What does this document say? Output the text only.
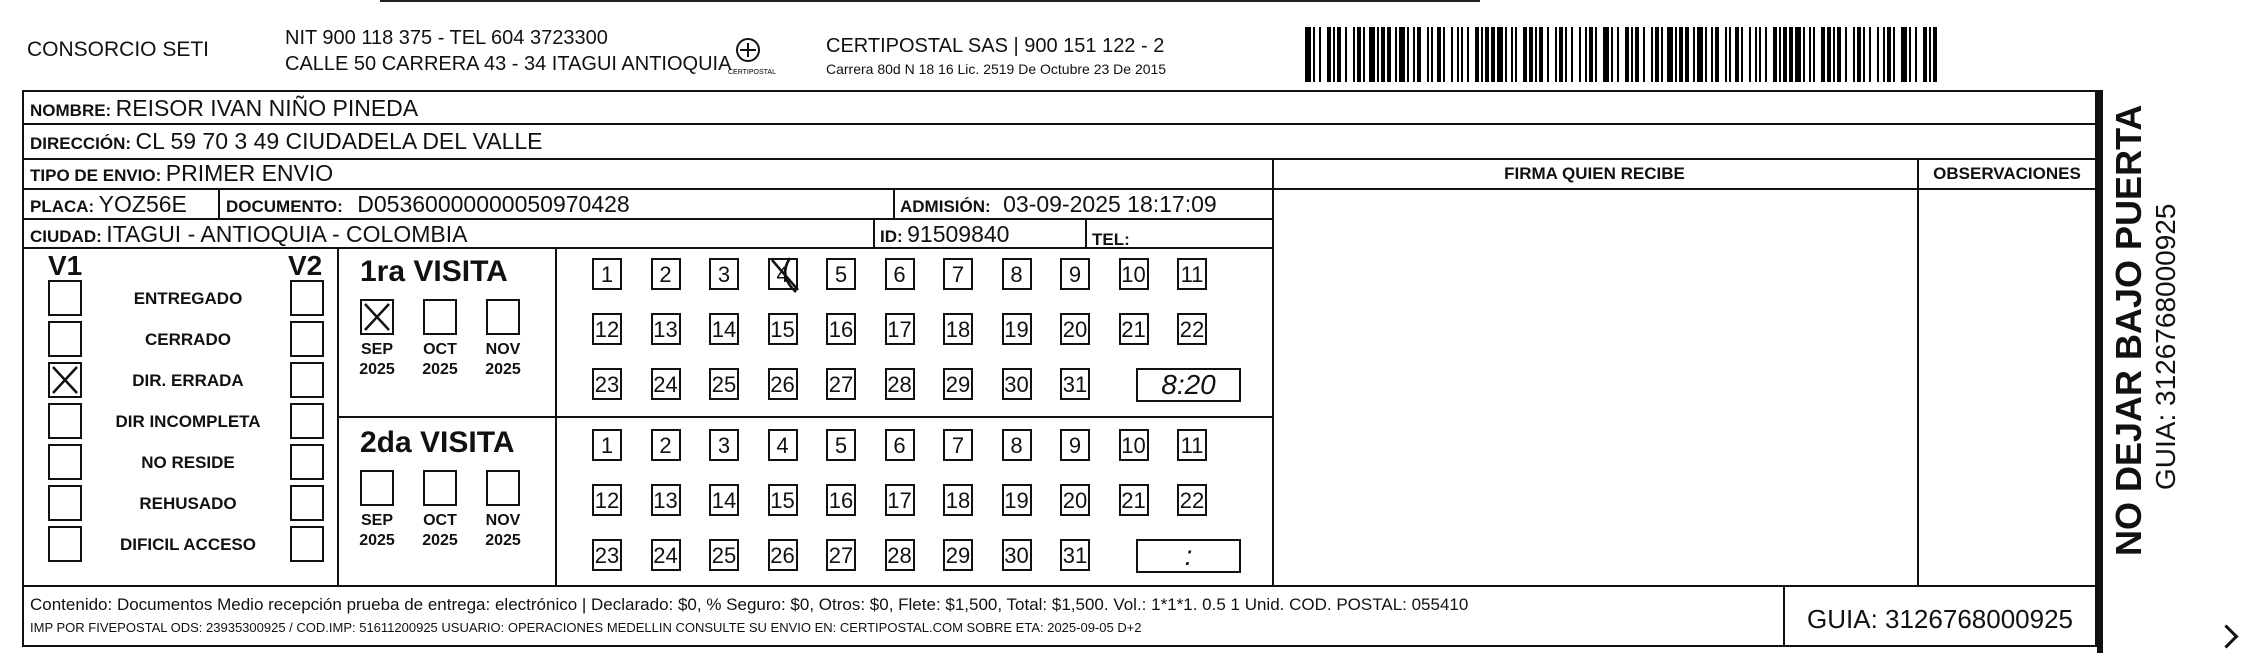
CONSORCIO SETI	NIT 900 118 375 - TEL 604 3723300
CALLE 50 CARRERA 43 - 34 ITAGUI ANTIOQUIA
CERTIPOSTAL
CERTIPOSTAL SAS | 900 151 122 - 2
Carrera 80d N 18 16 Lic. 2519 De Octubre 23 De 2015
NOMBRE: REISOR IVAN NIÑO PINEDA
DIRECCIÓN: CL 59 70 3 49 CIUDADELA DEL VALLE
TIPO DE ENVIO: PRIMER ENVIO
PLACA: YOZ56E DOCUMENTO: D05360000000050970428	ADMISIÓN: 03-09-2025 18:17:09
CIUDAD: ITAGUI - ANTIOQUIA - COLOMBIA	ID: 91509840	TEL:
FIRMA QUIEN RECIBE	OBSERVACIONES
V1	V2
ENTREGADO
CERRADO
DIR. ERRADA
DIR INCOMPLETA
NO RESIDE
REHUSADO
DIFICIL ACCESO
1ra VISITA
2da VISITA
SEP
2025
OCT
2025
NOV
2025
1	2	3	4	5	6	7	8	9	10 11
12 13 14 15 16 17 18 19 20 21 22
23 24 25 26 27 28 29 30 31	8:20
SEP
2025
OCT
2025
NOV
2025
1	2	3	4	5	6	7	8	9	10 11
12 13 14 15 16 17 18 19 20 21 22
23 24 25 26 27 28 29 30 31	:
Contenido: Documentos Medio recepción prueba de entrega: electrónico | Declarado: $0, % Seguro: $0, Otros: $0, Flete: $1,500, Total: $1,500. Vol.: 1*1*1. 0.5 1 Unid. COD. POSTAL: 055410
IMP POR FIVEPOSTAL ODS: 23935300925 / COD.IMP: 51611200925 USUARIO: OPERACIONES MEDELLIN CONSULTE SU ENVIO EN: CERTIPOSTAL.COM SOBRE ETA: 2025-09-05 D+2	GUIA: 3126768000925
NO DEJAR BAJO PUERTA GUIA: 3126768000925
